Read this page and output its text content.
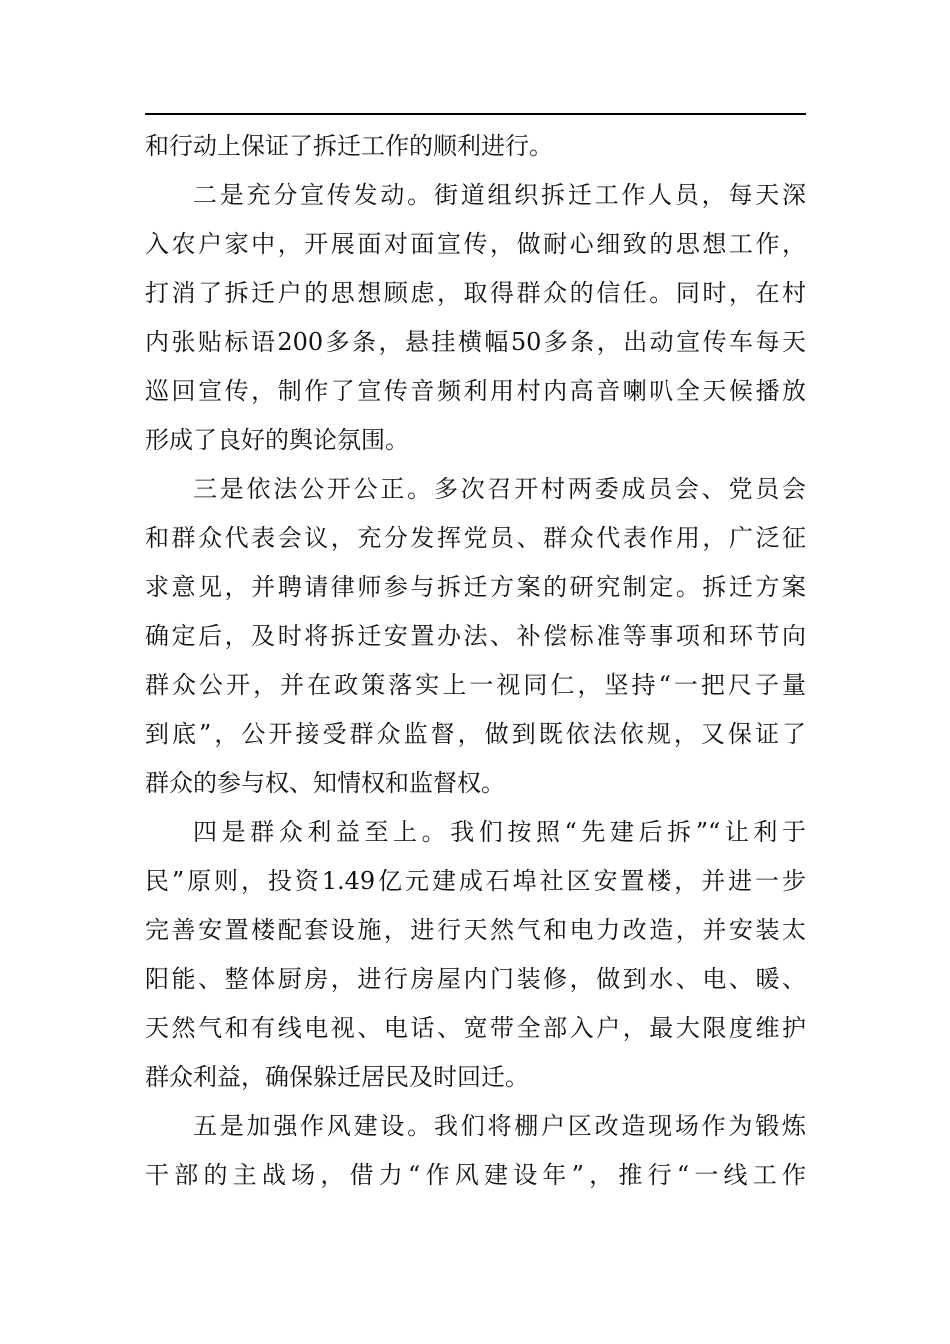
和行动上保证了拆迁工作的顺利进行。
二是充分宣传发动。街道组织拆迁工作人员，每天深
入农户家中，开展面对面宣传，做耐心细致的思想工作，
打消了拆迁户的思想顾虑，取得群众的信任。同时，在村
内张贴标语200多条，悬挂横幅50多条，出动宣传车每天
巡回宣传，制作了宣传音频利用村内高音喇叭全天候播放
形成了良好的舆论氛围。
三是依法公开公正。多次召开村两委成员会、党员会
和群众代表会议，充分发挥党员、群众代表作用，广泛征
求意见，并聘请律师参与拆迁方案的研究制定。拆迁方案
确定后，及时将拆迁安置办法、补偿标准等事项和环节向
群众公开，并在政策落实上一视同仁，坚持“一把尺子量
到底”，公开接受群众监督，做到既依法依规，又保证了
群众的参与权、知情权和监督权。
四是群众利益至上。我们按照“先建后拆”“让利于
民”原则，投资1.49亿元建成石埠社区安置楼，并进一步
完善安置楼配套设施，进行天然气和电力改造，并安装太
阳能、整体厨房，进行房屋内门装修，做到水、电、暖、
天然气和有线电视、电话、宽带全部入户，最大限度维护
群众利益，确保躲迁居民及时回迁。
五是加强作风建设。我们将棚户区改造现场作为锻炼
干部的主战场，借力“作风建设年”，推行“一线工作
